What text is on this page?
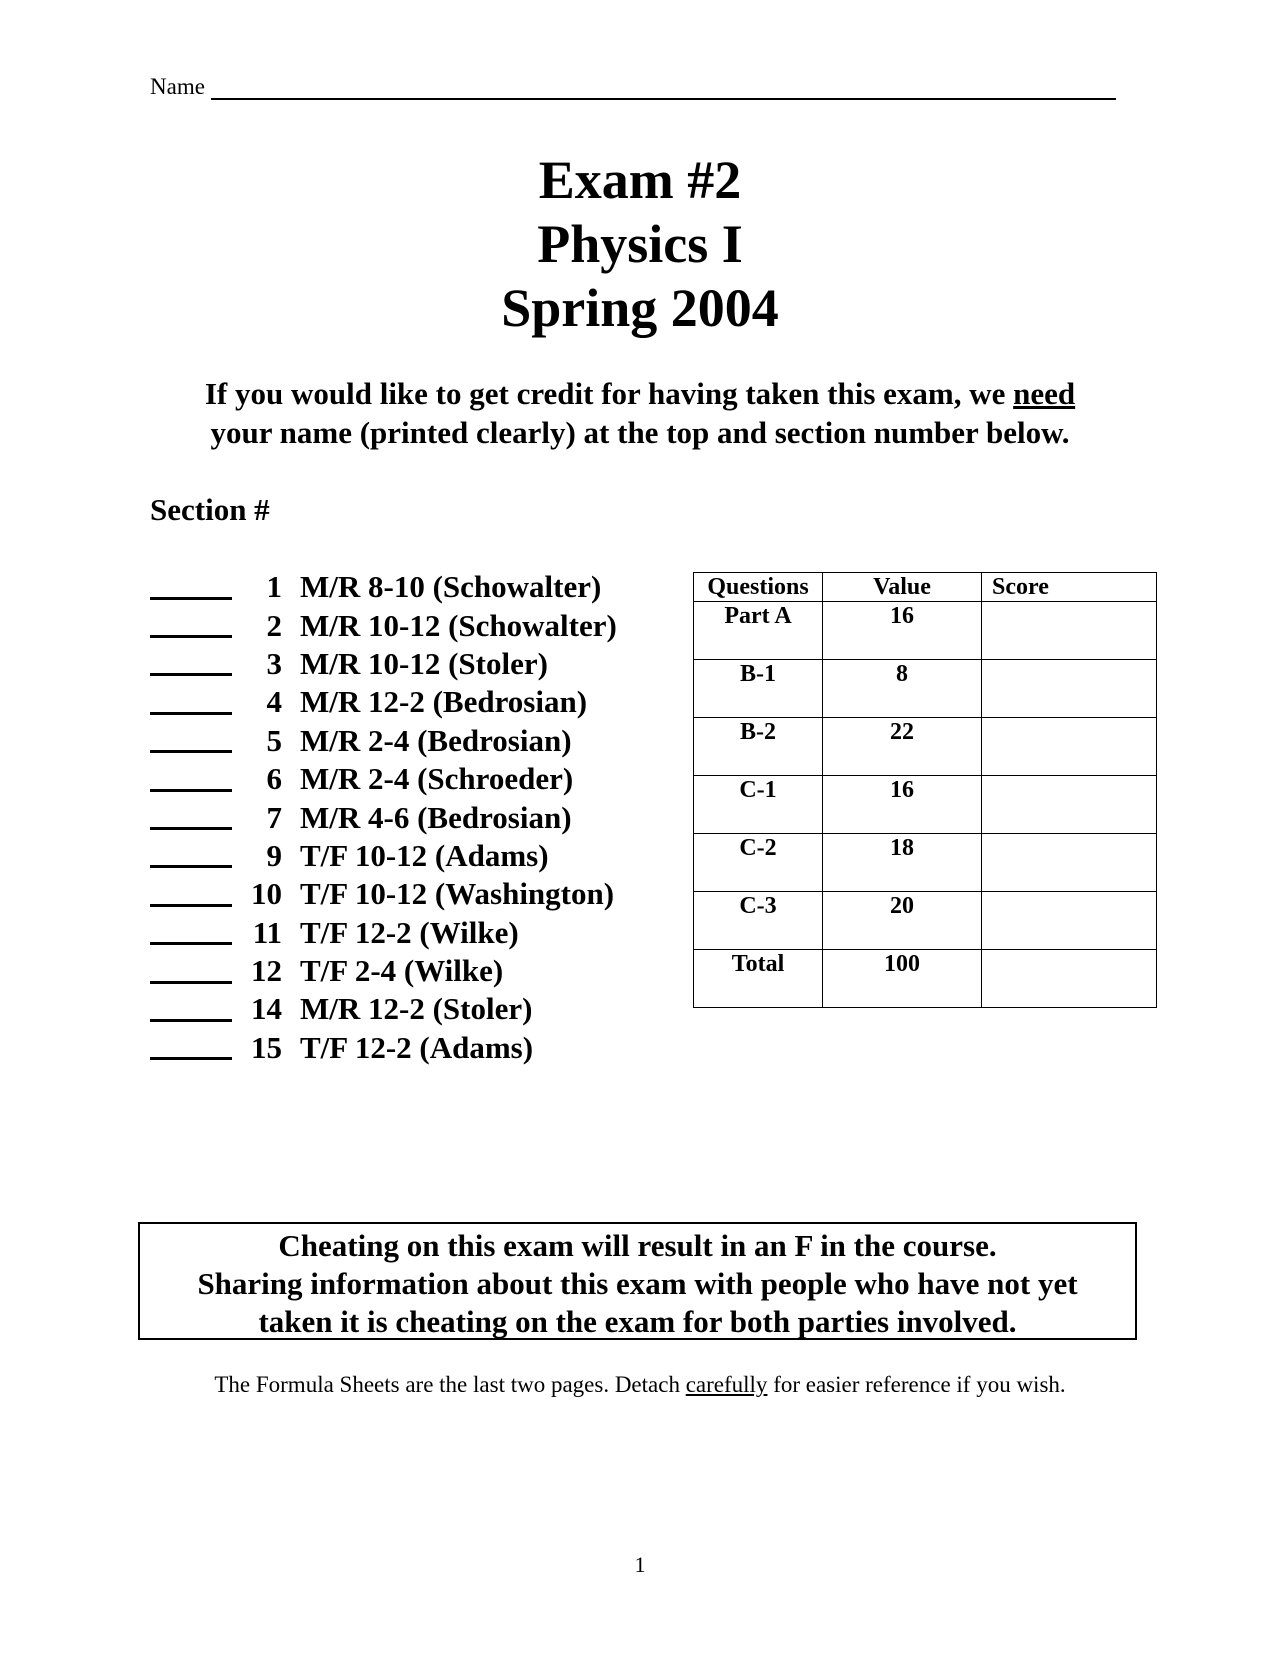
Name
Exam #2
Physics I
Spring 2004
If you would like to get credit for having taken this exam, we need
your name (printed clearly) at the top and section number below.
Section #
1 M/R 8-10 (Schowalter)
2 M/R 10-12 (Schowalter)
3 M/R 10-12 (Stoler)
4 M/R 12-2 (Bedrosian)
5 M/R 2-4 (Bedrosian)
6 M/R 2-4 (Schroeder)
7 M/R 4-6 (Bedrosian)
9 T/F 10-12 (Adams)
10 T/F 10-12 (Washington)
11 T/F 12-2 (Wilke)
12 T/F 2-4 (Wilke)
14 M/R 12-2 (Stoler)
15 T/F 12-2 (Adams)
Questions	Value	Score
Part A	16	
B-1	8	
B-2	22	
C-1	16	
C-2	18	
C-3	20	
Total	100	
Cheating on this exam will result in an F in the course.
Sharing information about this exam with people who have not yet
taken it is cheating on the exam for both parties involved.
The Formula Sheets are the last two pages. Detach carefully for easier reference if you wish.
1
